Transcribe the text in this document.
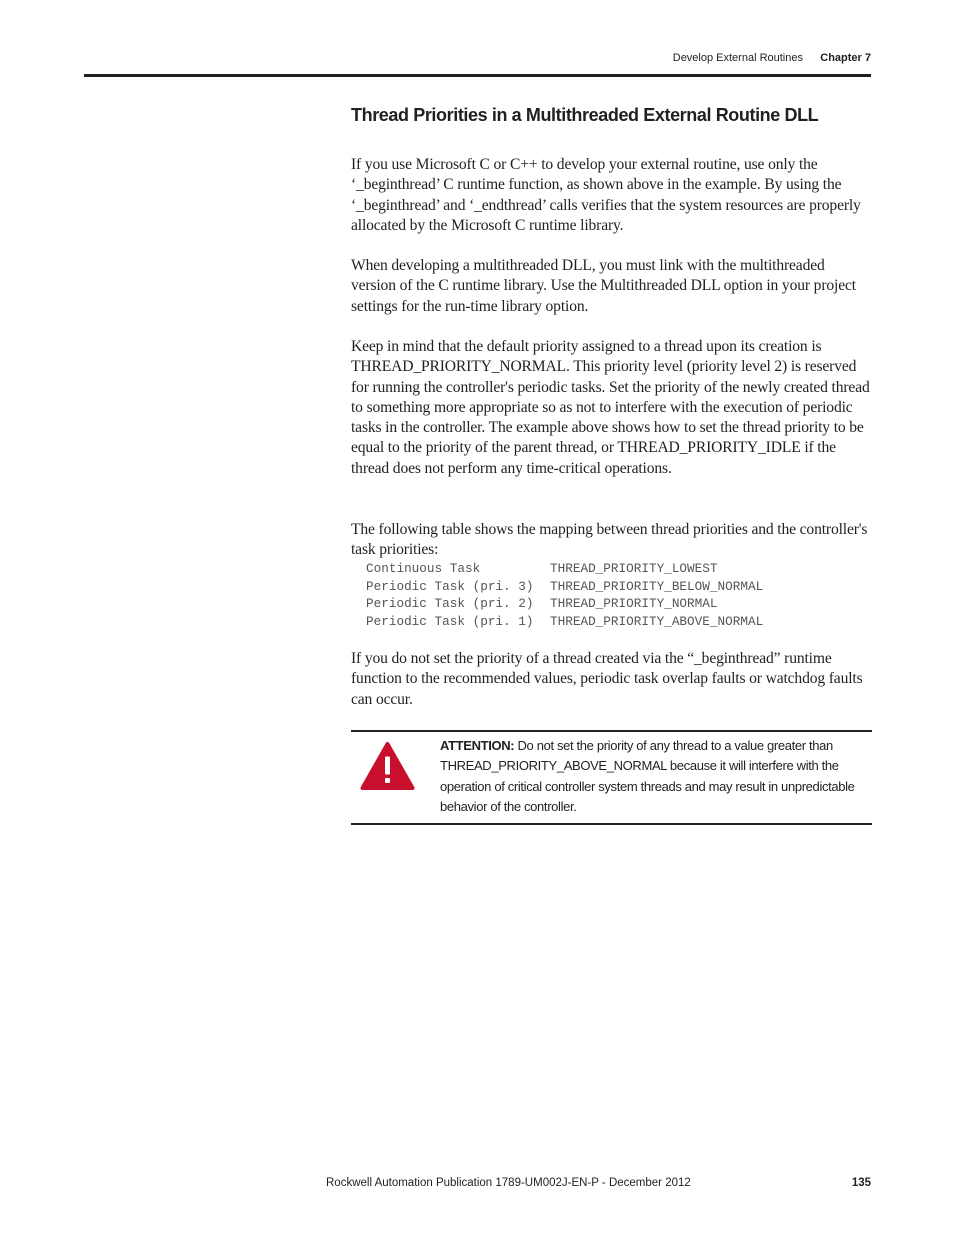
Develop External Routines Chapter 7
Thread Priorities in a Multithreaded External Routine DLL

If you use Microsoft C or C++ to develop your external routine, use only the ‘_beginthread’ C runtime function, as shown above in the example. By using the ‘_beginthread’ and ‘_endthread’ calls verifies that the system resources are properly allocated by the Microsoft C runtime library.

When developing a multithreaded DLL, you must link with the multithreaded version of the C runtime library. Use the Multithreaded DLL option in your project settings for the run-time library option.

Keep in mind that the default priority assigned to a thread upon its creation is THREAD_PRIORITY_NORMAL. This priority level (priority level 2) is reserved for running the controller's periodic tasks. Set the priority of the newly created thread to something more appropriate so as not to interfere with the execution of periodic tasks in the controller. The example above shows how to set the thread priority to be equal to the priority of the parent thread, or THREAD_PRIORITY_IDLE if the thread does not perform any time-critical operations.

The following table shows the mapping between thread priorities and the controller's task priorities:

Continuous Task	THREAD_PRIORITY_LOWEST
Periodic Task (pri. 3) THREAD_PRIORITY_BELOW_NORMAL
Periodic Task (pri. 2) THREAD_PRIORITY_NORMAL
Periodic Task (pri. 1) THREAD_PRIORITY_ABOVE_NORMAL

If you do not set the priority of a thread created via the “_beginthread” runtime function to the recommended values, periodic task overlap faults or watchdog faults can occur.

ATTENTION: Do not set the priority of any thread to a value greater than THREAD_PRIORITY_ABOVE_NORMAL because it will interfere with the operation of critical controller system threads and may result in unpredictable behavior of the controller.

Rockwell Automation Publication 1789-UM002J-EN-P - December 2012	135
